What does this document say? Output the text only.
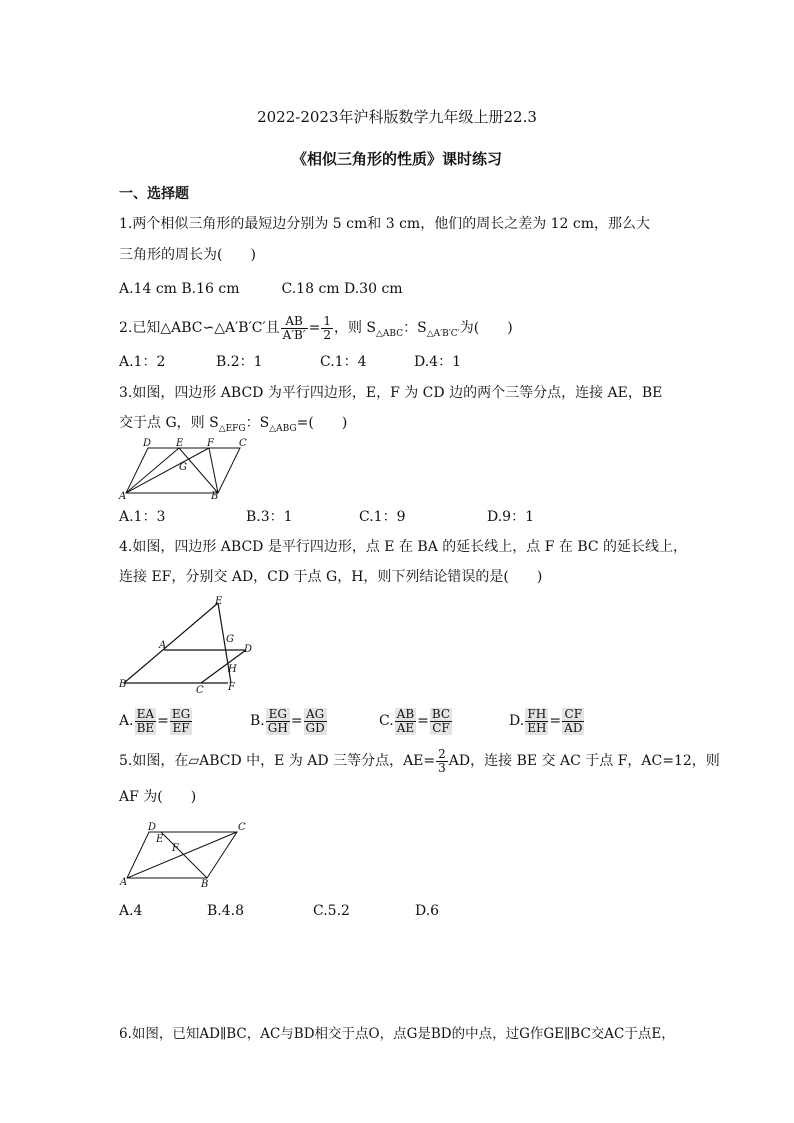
2022-2023年沪科版数学九年级上册22.3
《相似三角形的性质》课时练习
一、选择题
1.两个相似三角形的最短边分别为 5 cm和 3 cm，他们的周长之差为 12 cm，那么大
三角形的周长为(　　)
A.14 cm B.16 cm　　　C.18 cm D.30 cm
2.已知△ABC∽△A′B′C′且 $\frac{AB}{A'B'} = \frac{1}{2}$ ，则 $S_{\triangle ABC}$：$S_{\triangle A'B'C'}$为(　　)
A.1：2	B.2：1	C.1：4	D.4：1
3.如图，四边形 ABCD 为平行四边形，E，F 为 CD 边的两个三等分点，连接 AE，BE
交于点 G，则 $S_{\triangle EFG}$：$S_{\triangle ABG}=$(　　)
D E F	C
G
A	B
A.1：3	B.3：1	C.1：9	D.9：1
4.如图，四边形 ABCD 是平行四边形，点 E 在 BA 的延长线上，点 F 在 BC 的延长线上，
连接 EF，分别交 AD，CD 于点 G，H，则下列结论错误的是(　　)
E
G
D
A
H
B
C F
A. $\frac{EA}{BE} = \frac{EG}{EF}$	B. $\frac{EG}{GH} = \frac{AG}{GD}$	C. $\frac{AB}{AE} = \frac{BC}{CF}$	D. $\frac{FH}{EH} = \frac{CF}{AD}$
5.如图，在▱ABCD 中，E 为 AD 三等分点，$AE= \frac{2}{3}$ AD，连接 BE 交 AC 于点 F，AC=12，则
AF 为(　　)
D
E
C
F
A	B
A.4	B.4.8	C.5.2	D.6
6.如图，已知AD∥BC，AC与BD相交于点O，点G是BD的中点，过G作GE∥BC交AC于点E，
